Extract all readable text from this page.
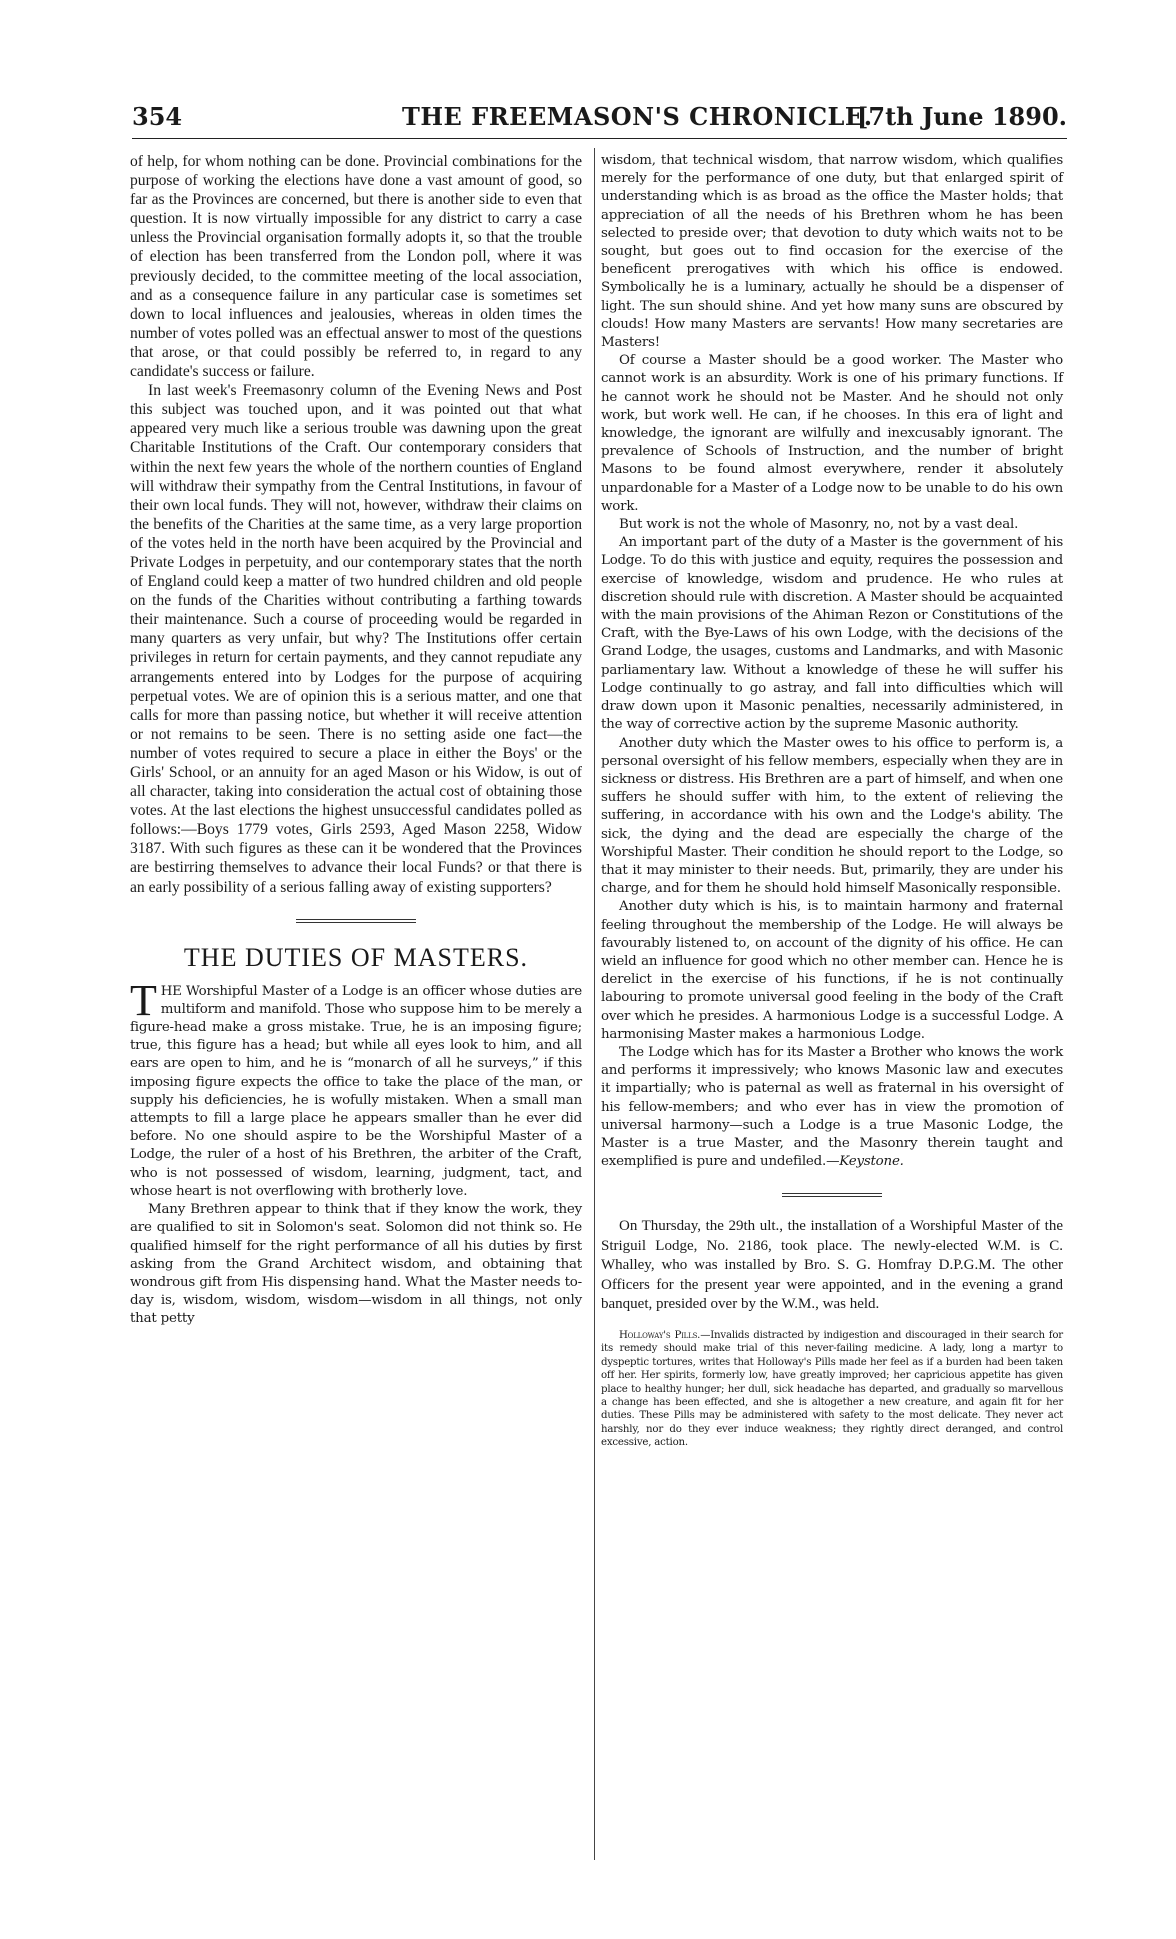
354	THE FREEMASON'S CHRONICLE.
[7th June 1890.

of help, for whom nothing can be done. Provincial combinations for the purpose of working the elections have done a vast amount of good, so far as the Provinces are concerned, but there is another side to even that question. It is now virtually impossible for any district to carry a case unless the Provincial organisation formally adopts it, so that the trouble of election has been transferred from the London poll, where it was previously decided, to the committee meeting of the local association, and as a consequence failure in any particular case is sometimes set down to local influences and jealousies, whereas in olden times the number of votes polled was an effectual answer to most of the questions that arose, or that could possibly be referred to, in regard to any candidate's success or failure.

In last week's Freemasonry column of the Evening News and Post this subject was touched upon, and it was pointed out that what appeared very much like a serious trouble was dawning upon the great Charitable Institutions of the Craft. Our contemporary considers that within the next few years the whole of the northern counties of England will withdraw their sympathy from the Central Institutions, in favour of their own local funds. They will not, however, withdraw their claims on the benefits of the Charities at the same time, as a very large proportion of the votes held in the north have been acquired by the Provincial and Private Lodges in perpetuity, and our contemporary states that the north of England could keep a matter of two hundred children and old people on the funds of the Charities without contributing a farthing towards their maintenance. Such a course of proceeding would be regarded in many quarters as very unfair, but why? The Institutions offer certain privileges in return for certain payments, and they cannot repudiate any arrangements entered into by Lodges for the purpose of acquiring perpetual votes. We are of opinion this is a serious matter, and one that calls for more than passing notice, but whether it will receive attention or not remains to be seen. There is no setting aside one fact—the number of votes required to secure a place in either the Boys' or the Girls' School, or an annuity for an aged Mason or his Widow, is out of all character, taking into consideration the actual cost of obtaining those votes. At the last elections the highest unsuccessful candidates polled as follows:—Boys 1779 votes, Girls 2593, Aged Mason 2258, Widow 3187. With such figures as these can it be wondered that the Provinces are bestirring themselves to advance their local Funds? or that there is an early possibility of a serious falling away of existing supporters?

THE DUTIES OF MASTERS.

THE Worshipful Master of a Lodge is an officer whose duties are multiform and manifold. Those who suppose him to be merely a figure-head make a gross mistake. True, he is an imposing figure; true, this figure has a head; but while all eyes look to him, and all ears are open to him, and he is “monarch of all he surveys,” if this imposing figure expects the office to take the place of the man, or supply his deficiencies, he is wofully mistaken. When a small man attempts to fill a large place he appears smaller than he ever did before. No one should aspire to be the Worshipful Master of a Lodge, the ruler of a host of his Brethren, the arbiter of the Craft, who is not possessed of wisdom, learning, judgment, tact, and whose heart is not overflowing with brotherly love.

Many Brethren appear to think that if they know the work, they are qualified to sit in Solomon's seat. Solomon did not think so. He qualified himself for the right performance of all his duties by first asking from the Grand Architect wisdom, and obtaining that wondrous gift from His dispensing hand. What the Master needs to-day is, wisdom, wisdom, wisdom—wisdom in all things, not only that petty

wisdom, that technical wisdom, that narrow wisdom, which qualifies merely for the performance of one duty, but that enlarged spirit of understanding which is as broad as the office the Master holds; that appreciation of all the needs of his Brethren whom he has been selected to preside over; that devotion to duty which waits not to be sought, but goes out to find occasion for the exercise of the beneficent prerogatives with which his office is endowed. Symbolically he is a luminary, actually he should be a dispenser of light. The sun should shine. And yet how many suns are obscured by clouds! How many Masters are servants! How many secretaries are Masters!

Of course a Master should be a good worker. The Master who cannot work is an absurdity. Work is one of his primary functions. If he cannot work he should not be Master. And he should not only work, but work well. He can, if he chooses. In this era of light and knowledge, the ignorant are wilfully and inexcusably ignorant. The prevalence of Schools of Instruction, and the number of bright Masons to be found almost everywhere, render it absolutely unpardonable for a Master of a Lodge now to be unable to do his own work.

But work is not the whole of Masonry, no, not by a vast deal.

An important part of the duty of a Master is the government of his Lodge. To do this with justice and equity, requires the possession and exercise of knowledge, wisdom and prudence. He who rules at discretion should rule with discretion. A Master should be acquainted with the main provisions of the Ahiman Rezon or Constitutions of the Craft, with the Bye-Laws of his own Lodge, with the decisions of the Grand Lodge, the usages, customs and Landmarks, and with Masonic parliamentary law. Without a knowledge of these he will suffer his Lodge continually to go astray, and fall into difficulties which will draw down upon it Masonic penalties, necessarily administered, in the way of corrective action by the supreme Masonic authority.

Another duty which the Master owes to his office to perform is, a personal oversight of his fellow members, especially when they are in sickness or distress. His Brethren are a part of himself, and when one suffers he should suffer with him, to the extent of relieving the suffering, in accordance with his own and the Lodge's ability. The sick, the dying and the dead are especially the charge of the Worshipful Master. Their condition he should report to the Lodge, so that it may minister to their needs. But, primarily, they are under his charge, and for them he should hold himself Masonically responsible.

Another duty which is his, is to maintain harmony and fraternal feeling throughout the membership of the Lodge. He will always be favourably listened to, on account of the dignity of his office. He can wield an influence for good which no other member can. Hence he is derelict in the exercise of his functions, if he is not continually labouring to promote universal good feeling in the body of the Craft over which he presides. A harmonious Lodge is a successful Lodge. A harmonising Master makes a harmonious Lodge.

The Lodge which has for its Master a Brother who knows the work and performs it impressively; who knows Masonic law and executes it impartially; who is paternal as well as fraternal in his oversight of his fellow-members; and who ever has in view the promotion of universal harmony—such a Lodge is a true Masonic Lodge, the Master is a true Master, and the Masonry therein taught and exemplified is pure and undefiled.—Keystone.

On Thursday, the 29th ult., the installation of a Worshipful Master of the Striguil Lodge, No. 2186, took place. The newly-elected W.M. is C. Whalley, who was installed by Bro. S. G. Homfray D.P.G.M. The other Officers for the present year were appointed, and in the evening a grand banquet, presided over by the W.M., was held.

Holloway's Pills.—Invalids distracted by indigestion and discouraged in their search for its remedy should make trial of this never-failing medicine. A lady, long a martyr to dyspeptic tortures, writes that Holloway's Pills made her feel as if a burden had been taken off her. Her spirits, formerly low, have greatly improved; her capricious appetite has given place to healthy hunger; her dull, sick headache has departed, and gradually so marvellous a change has been effected, and she is altogether a new creature, and again fit for her duties. These Pills may be administered with safety to the most delicate. They never act harshly, nor do they ever induce weakness; they rightly direct deranged, and control excessive, action.
